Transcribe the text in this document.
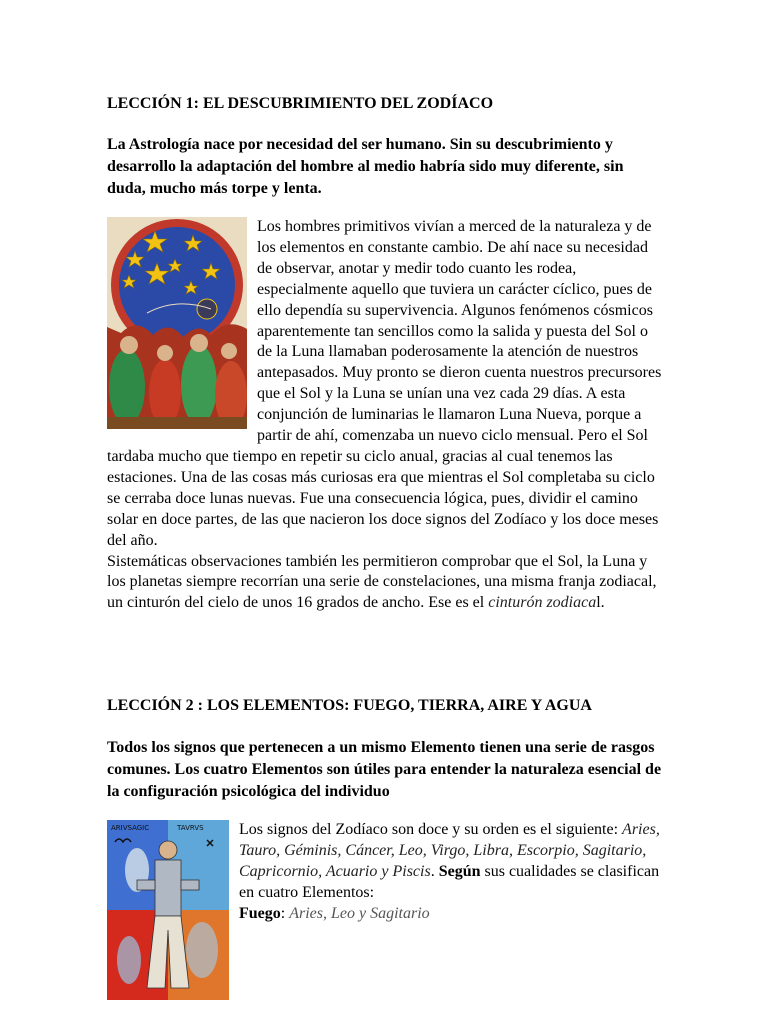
LECCIÓN 1: EL DESCUBRIMIENTO DEL ZODÍACO

La Astrología nace por necesidad del ser humano. Sin su descubrimiento y desarrollo la adaptación del hombre al medio habría sido muy diferente, sin duda, mucho más torpe y lenta.

Los hombres primitivos vivían a merced de la naturaleza y de los elementos en constante cambio. De ahí nace su necesidad de observar, anotar y medir todo cuanto les rodea, especialmente aquello que tuviera un carácter cíclico, pues de ello dependía su supervivencia. Algunos fenómenos cósmicos aparentemente tan sencillos como la salida y puesta del Sol o de la Luna llamaban poderosamente la atención de nuestros antepasados. Muy pronto se dieron cuenta nuestros precursores que el Sol y la Luna se unían una vez cada 29 días. A esta conjunción de luminarias le llamaron Luna Nueva, porque a partir de ahí, comenzaba un nuevo ciclo mensual. Pero el Sol tardaba mucho que tiempo en repetir su ciclo anual, gracias al cual tenemos las estaciones. Una de las cosas más curiosas era que mientras el Sol completaba su ciclo se cerraba doce lunas nuevas. Fue una consecuencia lógica, pues, dividir el camino solar en doce partes, de las que nacieron los doce signos del Zodíaco y los doce meses del año.

Sistemáticas observaciones también les permitieron comprobar que el Sol, la Luna y los planetas siempre recorrían una serie de constelaciones, una misma franja zodiacal, un cinturón del cielo de unos 16 grados de ancho. Ese es el cinturón zodiacal.

LECCIÓN 2 : LOS ELEMENTOS: FUEGO, TIERRA, AIRE Y AGUA

Todos los signos que pertenecen a un mismo Elemento tienen una serie de rasgos comunes. Los cuatro Elementos son útiles para entender la naturaleza esencial de la configuración psicológica del individuo

ARIVSAGIC	TAVRVS	Los signos del Zodíaco son doce y su orden es el siguiente: Aries, Tauro, Géminis, Cáncer, Leo, Virgo, Libra, Escorpio, Sagitario, Capricornio, Acuario y Piscis. Según sus cualidades se clasifican en cuatro Elementos:
Fuego: Aries, Leo y Sagitario
